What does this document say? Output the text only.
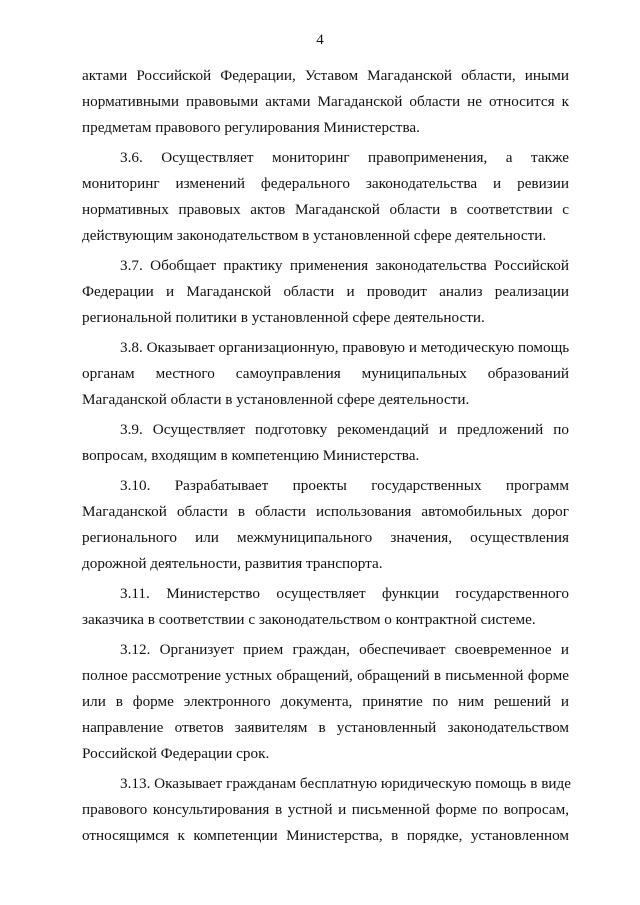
4

актами Российской Федерации, Уставом Магаданской области, иными
нормативными правовыми актами Магаданской области не относится к
предметам правового регулирования Министерства.

3.6. Осуществляет мониторинг правоприменения, а также
мониторинг изменений федерального законодательства и ревизии
нормативных правовых актов Магаданской области в соответствии с
действующим законодательством в установленной сфере деятельности.

3.7. Обобщает практику применения законодательства Российской
Федерации и Магаданской области и проводит анализ реализации
региональной политики в установленной сфере деятельности.

3.8. Оказывает организационную, правовую и методическую помощь
органам местного самоуправления муниципальных образований
Магаданской области в установленной сфере деятельности.

3.9. Осуществляет подготовку рекомендаций и предложений по
вопросам, входящим в компетенцию Министерства.

3.10. Разрабатывает проекты государственных программ
Магаданской области в области использования автомобильных дорог
регионального или межмуниципального значения, осуществления
дорожной деятельности, развития транспорта.

3.11. Министерство осуществляет функции государственного
заказчика в соответствии с законодательством о контрактной системе.

3.12. Организует прием граждан, обеспечивает своевременное и
полное рассмотрение устных обращений, обращений в письменной форме
или в форме электронного документа, принятие по ним решений и
направление ответов заявителям в установленный законодательством
Российской Федерации срок.

3.13. Оказывает гражданам бесплатную юридическую помощь в виде
правового консультирования в устной и письменной форме по вопросам,
относящимся к компетенции Министерства, в порядке, установленном
